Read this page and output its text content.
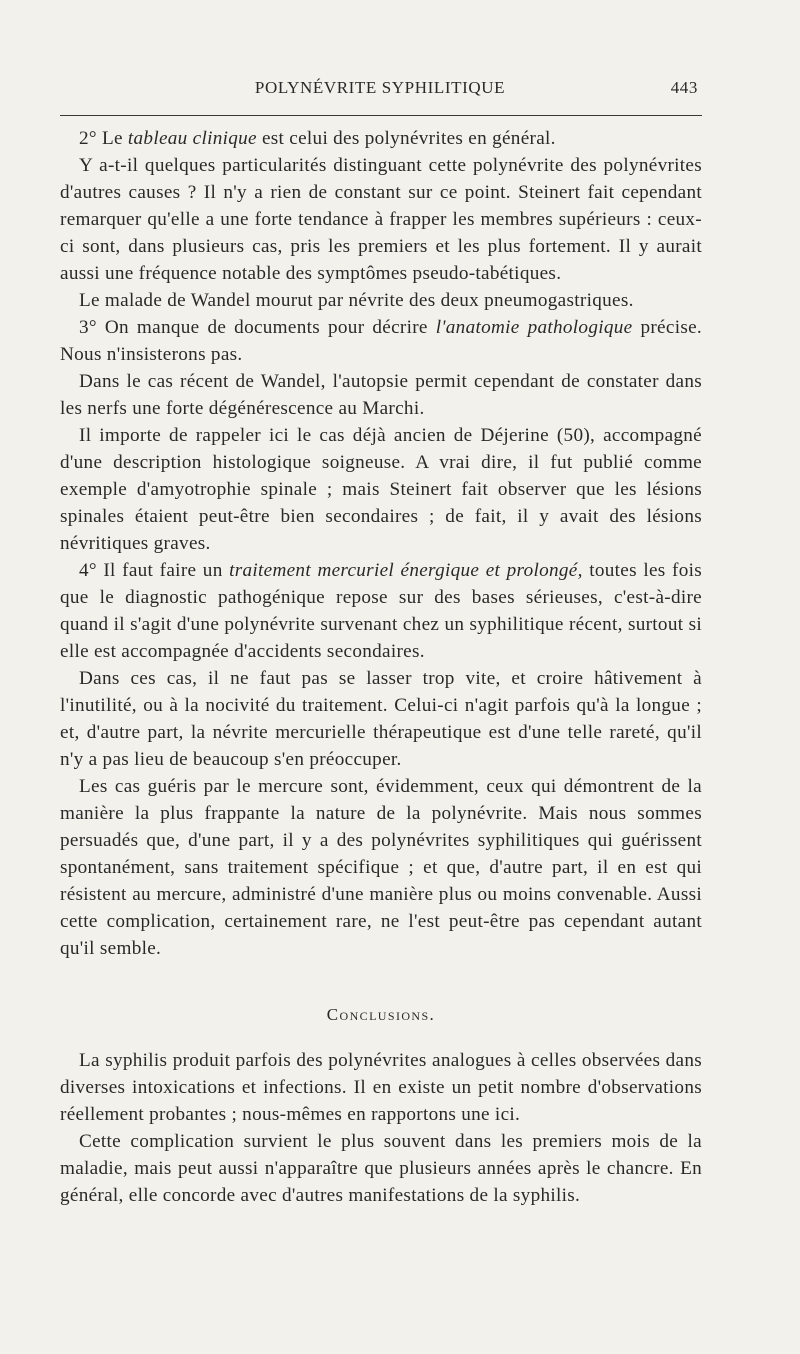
POLYNÉVRITE SYPHILITIQUE	443

2° Le tableau clinique est celui des polynévrites en général.

Y a-t-il quelques particularités distinguant cette polynévrite des polynévrites d'autres causes ? Il n'y a rien de constant sur ce point. Steinert fait cependant remarquer qu'elle a une forte tendance à frapper les membres supérieurs : ceux-ci sont, dans plusieurs cas, pris les premiers et les plus fortement. Il y aurait aussi une fréquence notable des symptômes pseudo-tabétiques.

Le malade de Wandel mourut par névrite des deux pneumogastriques.

3° On manque de documents pour décrire l'anatomie pathologique précise. Nous n'insisterons pas.

Dans le cas récent de Wandel, l'autopsie permit cependant de constater dans les nerfs une forte dégénérescence au Marchi.

Il importe de rappeler ici le cas déjà ancien de Déjerine (50), accompagné d'une description histologique soigneuse. A vrai dire, il fut publié comme exemple d'amyotrophie spinale ; mais Steinert fait observer que les lésions spinales étaient peut-être bien secondaires ; de fait, il y avait des lésions névritiques graves.

4° Il faut faire un traitement mercuriel énergique et prolongé, toutes les fois que le diagnostic pathogénique repose sur des bases sérieuses, c'est-à-dire quand il s'agit d'une polynévrite survenant chez un syphilitique récent, surtout si elle est accompagnée d'accidents secondaires.

Dans ces cas, il ne faut pas se lasser trop vite, et croire hâtivement à l'inutilité, ou à la nocivité du traitement. Celui-ci n'agit parfois qu'à la longue ; et, d'autre part, la névrite mercurielle thérapeutique est d'une telle rareté, qu'il n'y a pas lieu de beaucoup s'en préoccuper.

Les cas guéris par le mercure sont, évidemment, ceux qui démontrent de la manière la plus frappante la nature de la polynévrite. Mais nous sommes persuadés que, d'une part, il y a des polynévrites syphilitiques qui guérissent spontanément, sans traitement spécifique ; et que, d'autre part, il en est qui résistent au mercure, administré d'une manière plus ou moins convenable. Aussi cette complication, certainement rare, ne l'est peut-être pas cependant autant qu'il semble.

Conclusions.

La syphilis produit parfois des polynévrites analogues à celles observées dans diverses intoxications et infections. Il en existe un petit nombre d'observations réellement probantes ; nous-mêmes en rapportons une ici.

Cette complication survient le plus souvent dans les premiers mois de la maladie, mais peut aussi n'apparaître que plusieurs années après le chancre. En général, elle concorde avec d'autres manifestations de la syphilis.
